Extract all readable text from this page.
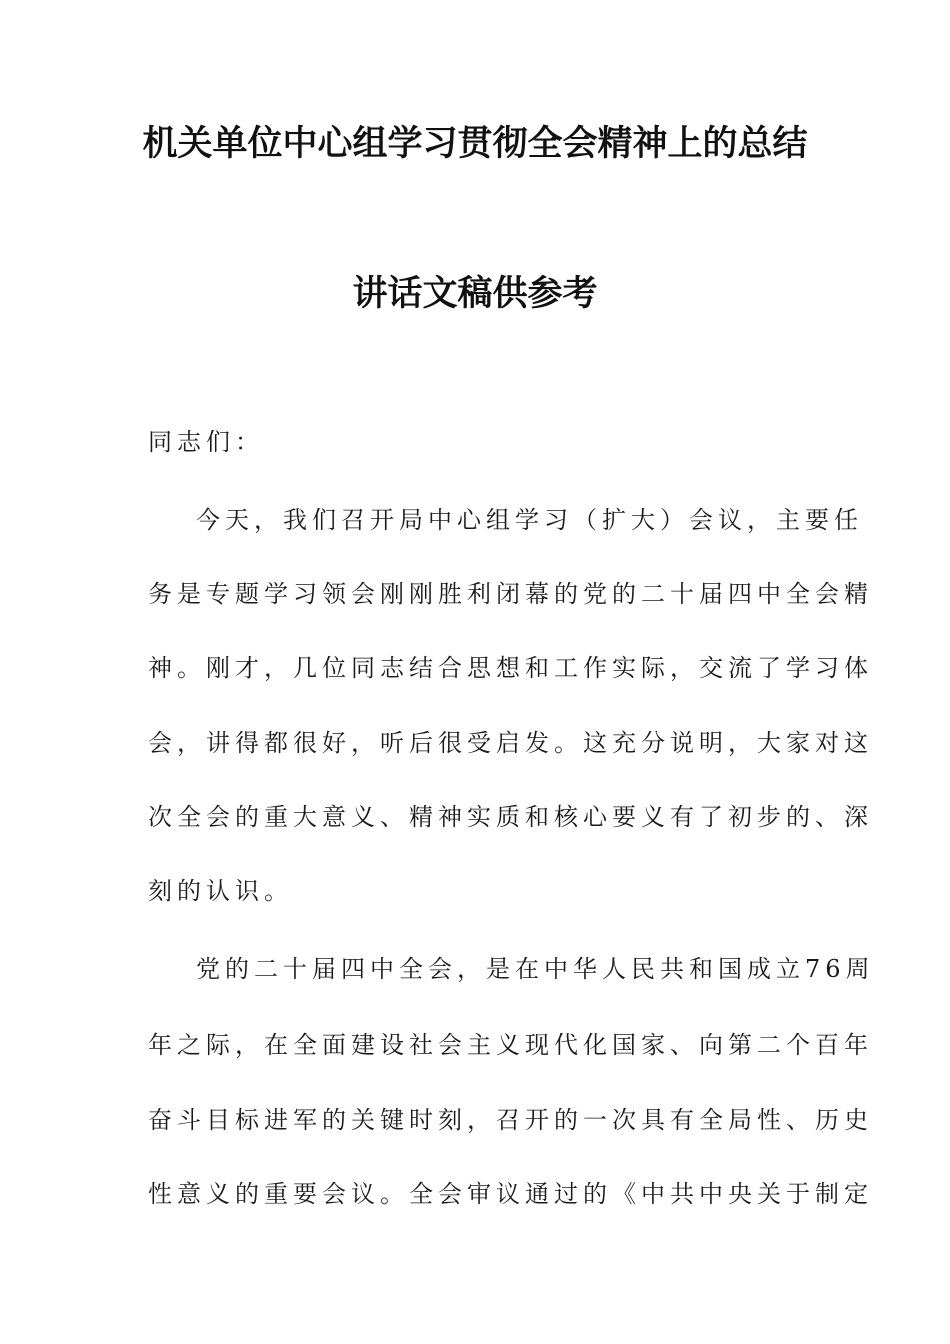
机关单位中心组学习贯彻全会精神上的总结
讲话文稿供参考
同志们：
今天，我们召开局中心组学习（扩大）会议，主要任
务是专题学习领会刚刚胜利闭幕的党的二十届四中全会精
神。刚才，几位同志结合思想和工作实际，交流了学习体
会，讲得都很好，听后很受启发。这充分说明，大家对这
次全会的重大意义、精神实质和核心要义有了初步的、深
刻的认识。
党的二十届四中全会，是在中华人民共和国成立76周
年之际，在全面建设社会主义现代化国家、向第二个百年
奋斗目标进军的关键时刻，召开的一次具有全局性、历史
性意义的重要会议。全会审议通过的《中共中央关于制定
